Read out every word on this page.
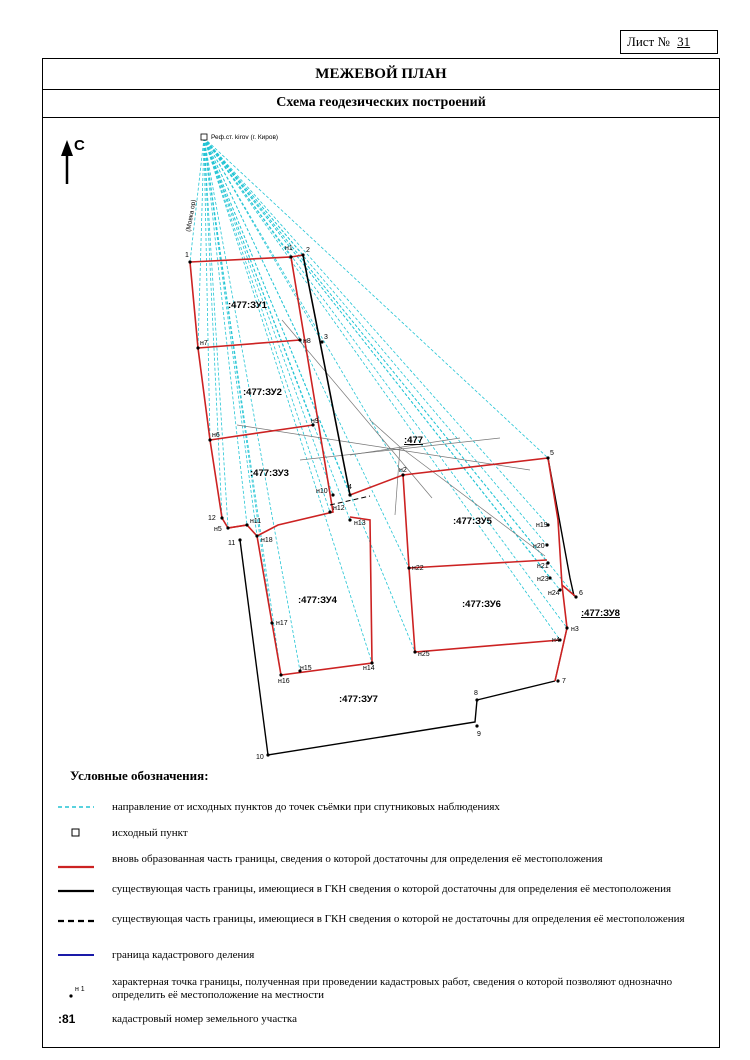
Лист № 31
МЕЖЕВОЙ ПЛАН
Схема геодезических построений
С	Реф.ст. kirov (г. Киров)
(Мовка ор)
:477
:477:ЗУ1
:477:ЗУ2
:477:ЗУ3
:477:ЗУ4
:477:ЗУ5
:477:ЗУ6
:477:ЗУ7
:477:ЗУ8
1
2
3
4
5
6
7
8
9
10
11
12
н1
н2
н3
н4
н5
н6
н7	н8
н9
н10
н11
н12
н13
н14
н15
н16
н17
н18
н19
н20
н21
н22
н23
н24
н25
н 1
:81
Условные обозначения:
направление от исходных пунктов до точек съёмки при спутниковых наблюдениях
исходный пункт
вновь образованная часть границы, сведения о которой достаточны для определения её местоположения
существующая часть границы, имеющиеся в ГКН сведения о которой достаточны для определения её местоположения
существующая часть границы, имеющиеся в ГКН сведения о которой не достаточны для определения её местоположения
граница кадастрового деления
характерная точка границы, полученная при проведении кадастровых работ, сведения о которой позволяют однозначно определить её местоположение на местности
кадастровый номер земельного участка
